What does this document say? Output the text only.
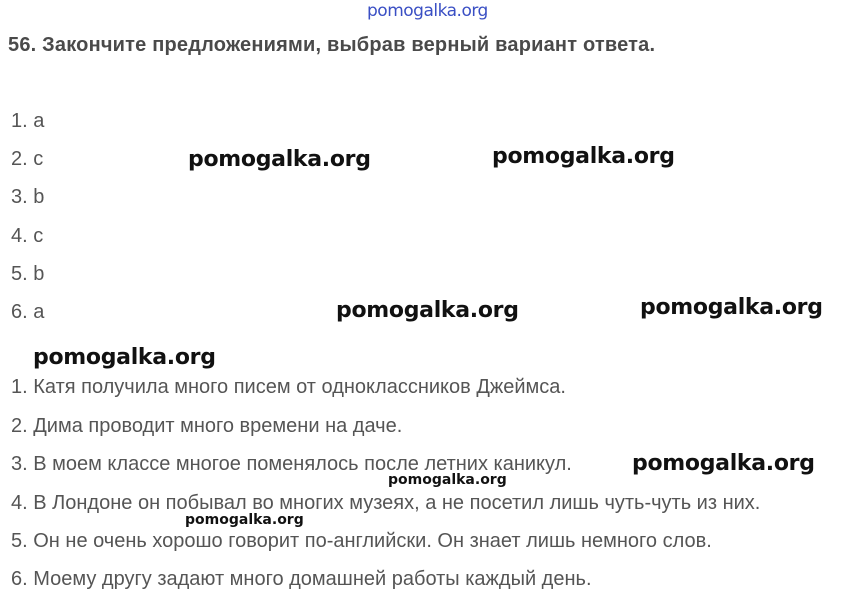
pomogalka.org
56. Закончите предложениями, выбрав верный вариант ответа.
1. a
2. c
3. b
4. c
5. b
6. a
1. Катя получила много писем от одноклассников Джеймса.
2. Дима проводит много времени на даче.
3. В моем классе многое поменялось после летних каникул.
4. В Лондоне он побывал во многих музеях, а не посетил лишь чуть-чуть из них.
5. Он не очень хорошо говорит по-английски. Он знает лишь немного слов.
6. Моему другу задают много домашней работы каждый день.
pomogalka.org	pomogalka.org
pomogalka.org	pomogalka.org
pomogalka.org
pomogalka.org
pomogalka.org
pomogalka.org
